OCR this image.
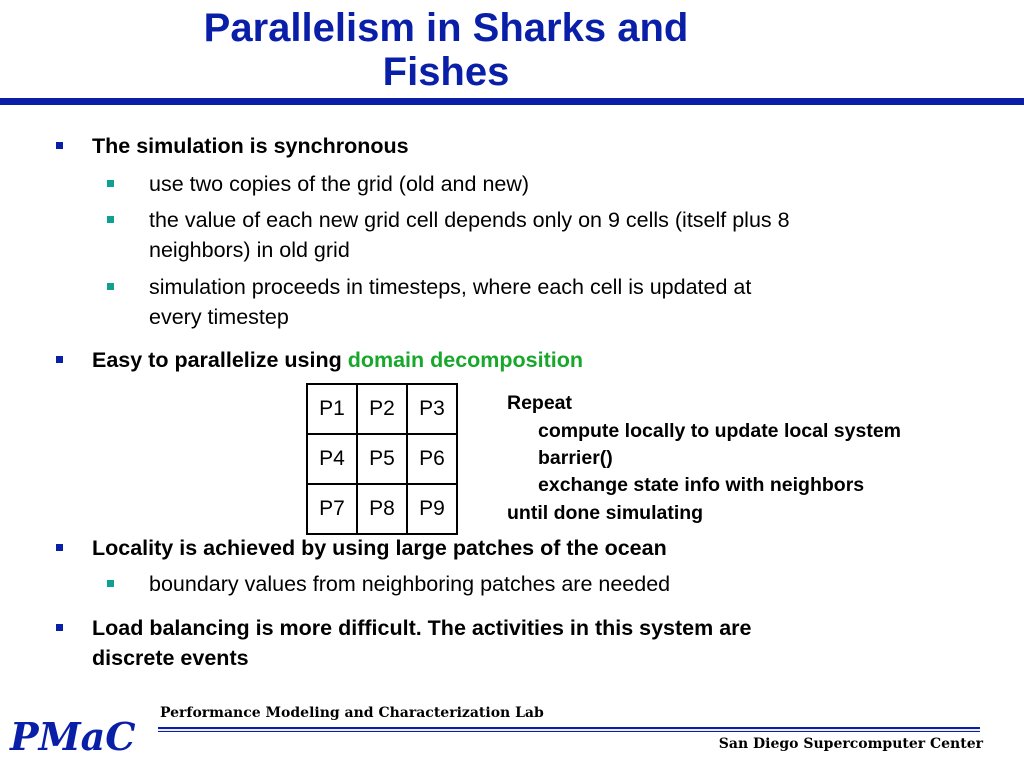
Parallelism in Sharks and
Fishes
The simulation is synchronous
use two copies of the grid (old and new)
the value of each new grid cell depends only on 9 cells (itself plus 8
neighbors) in old grid
simulation proceeds in timesteps, where each cell is updated at
every timestep
Easy to parallelize using domain decomposition
P1	P2	P3
P4	P5	P6
P7	P8	P9
Repeat
compute locally to update local system
barrier()
exchange state info with neighbors
until done simulating
Locality is achieved by using large patches of the ocean
boundary values from neighboring patches are needed
Load balancing is more difficult. The activities in this system are
discrete events
PMaC
Performance Modeling and Characterization Lab
San Diego Supercomputer Center
